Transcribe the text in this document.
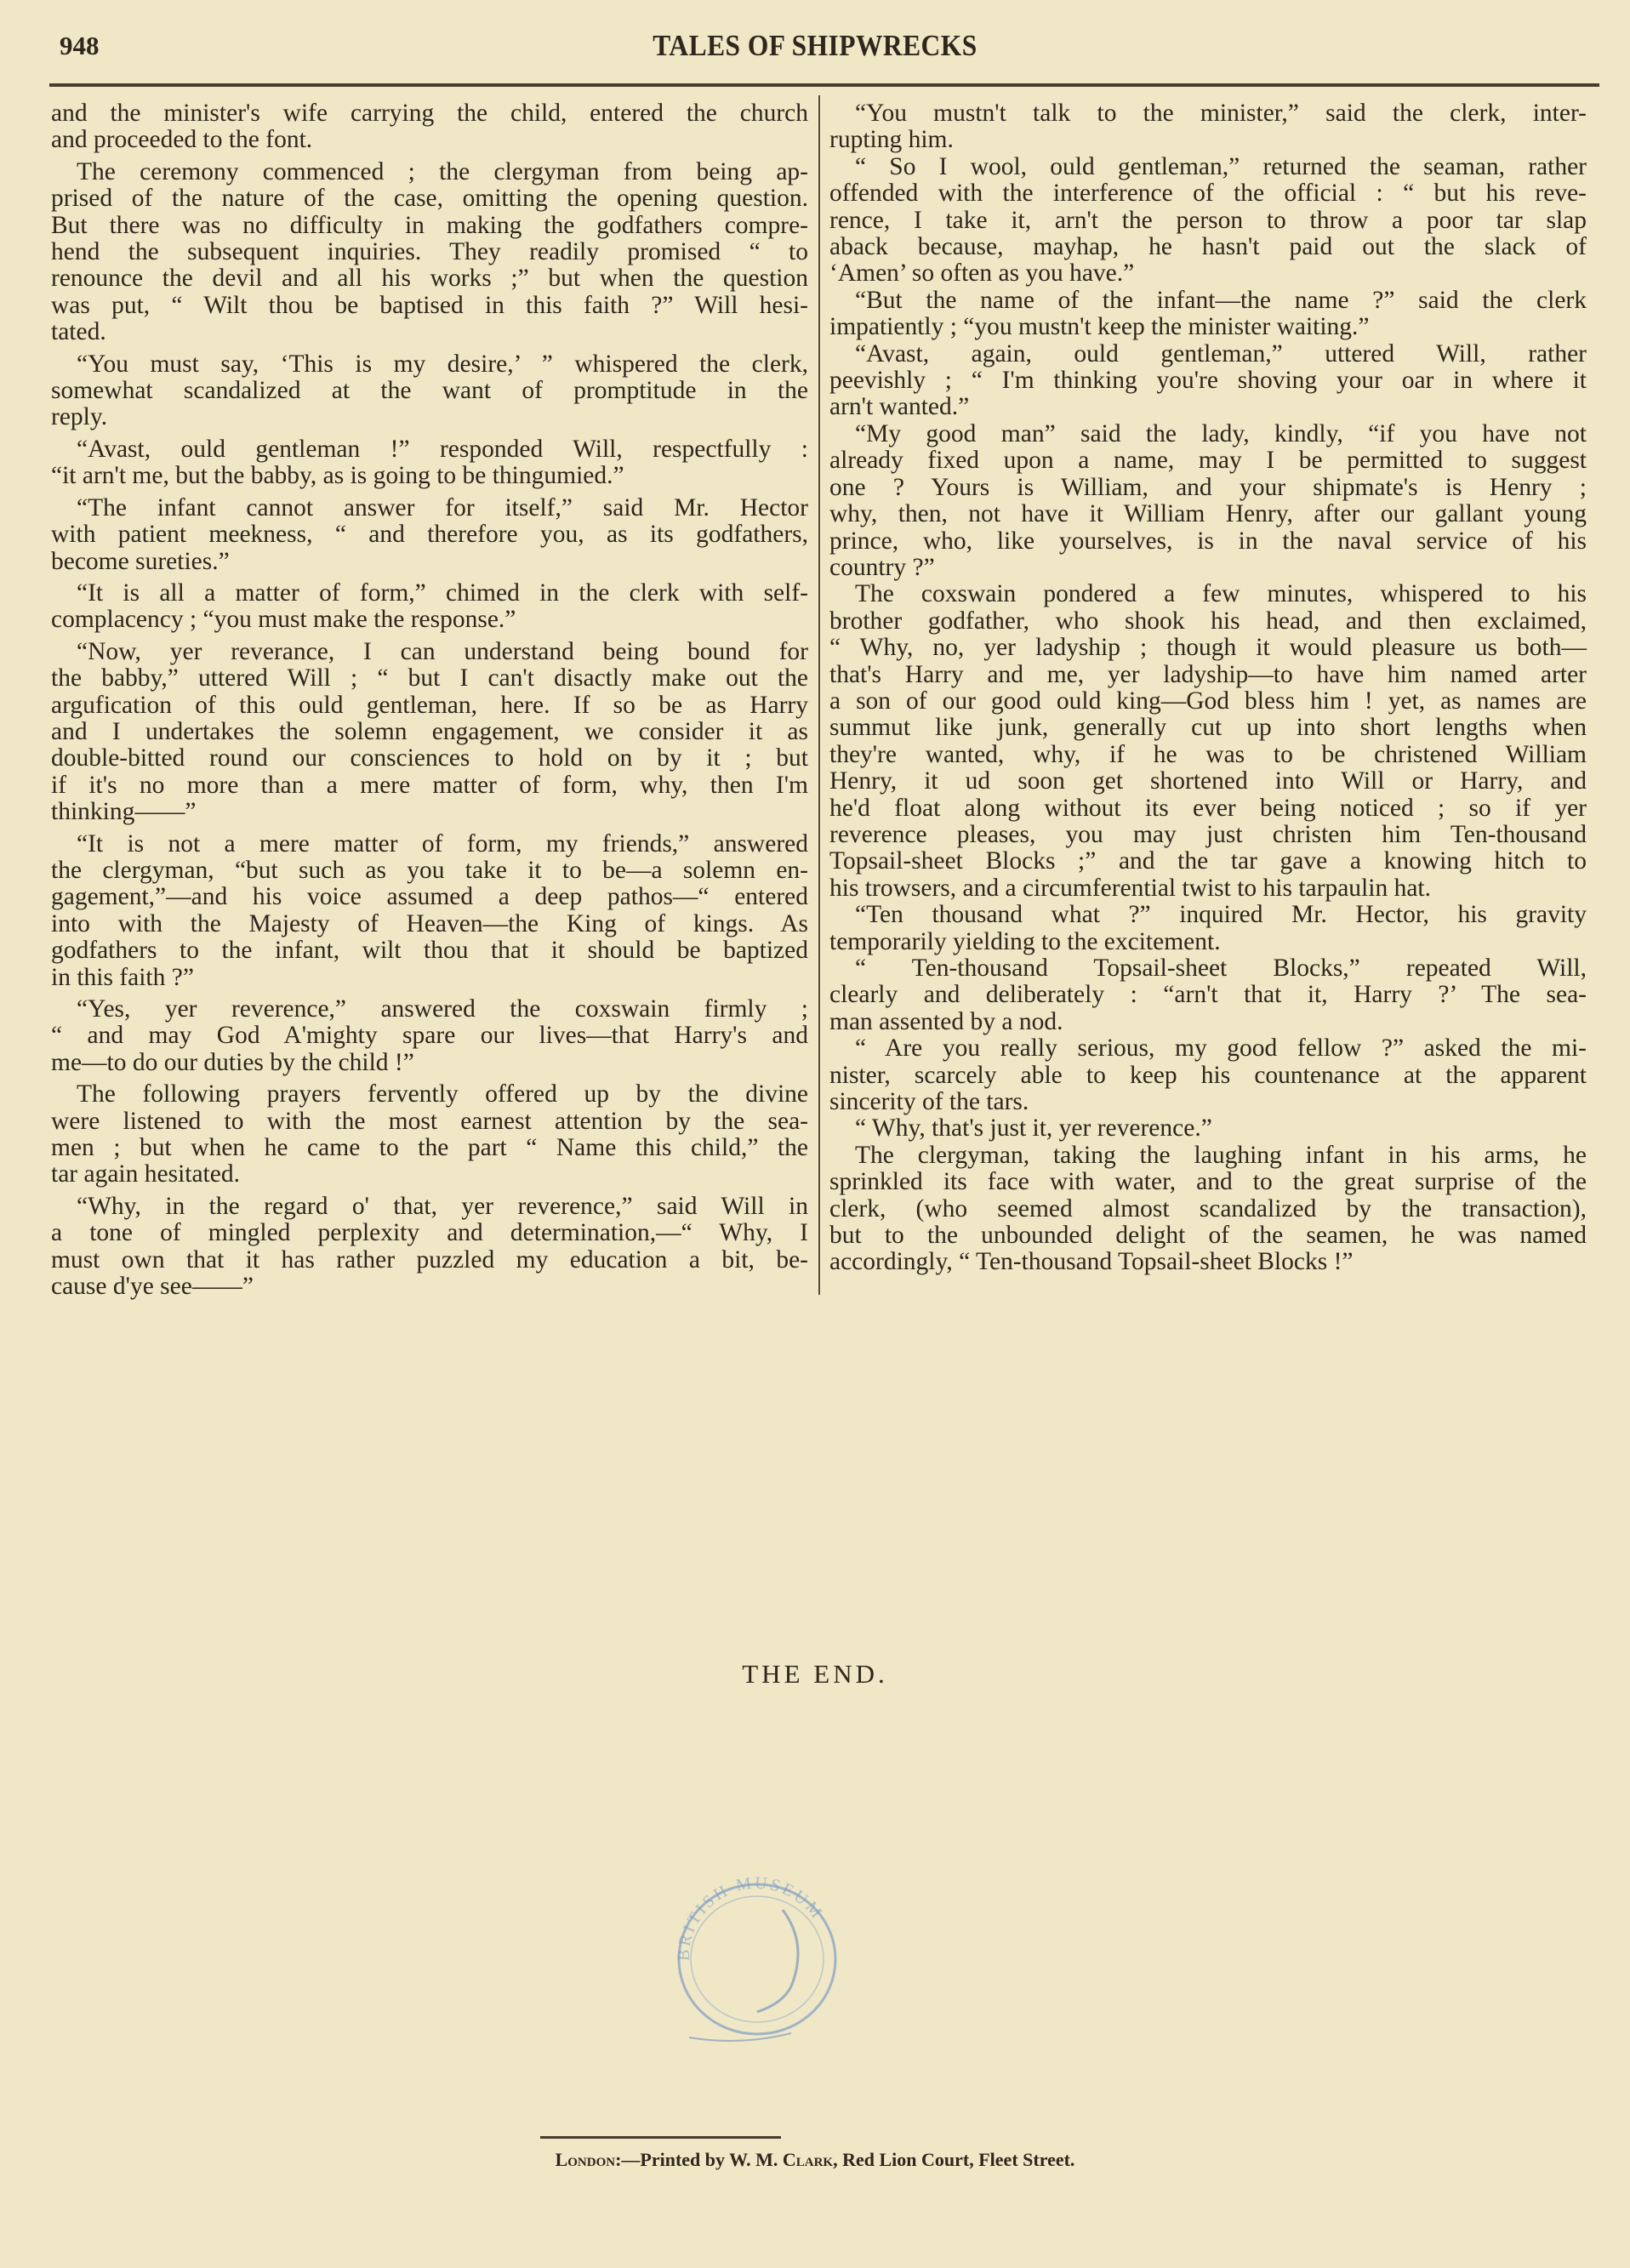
948	TALES OF SHIPWRECKS
and the minister's wife carrying the child, entered the church
and proceeded to the font.
The ceremony commenced ; the clergyman from being ap-
prised of the nature of the case, omitting the opening question.
But there was no difficulty in making the godfathers compre-
hend the subsequent inquiries. They readily promised “ to
renounce the devil and all his works ;” but when the question
was put, “ Wilt thou be baptised in this faith ?” Will hesi-
tated.
“You must say, ‘This is my desire,’ ” whispered the clerk,
somewhat scandalized at the want of promptitude in the
reply.
“Avast, ould gentleman !” responded Will, respectfully :
“it arn't me, but the babby, as is going to be thingumied.”
“The infant cannot answer for itself,” said Mr. Hector
with patient meekness, “ and therefore you, as its godfathers,
become sureties.”
“It is all a matter of form,” chimed in the clerk with self-
complacency ; “you must make the response.”
“Now, yer reverance, I can understand being bound for
the babby,” uttered Will ; “ but I can't disactly make out the
argufication of this ould gentleman, here. If so be as Harry
and I undertakes the solemn engagement, we consider it as
double-bitted round our consciences to hold on by it ; but
if it's no more than a mere matter of form, why, then I'm
thinking——”
“It is not a mere matter of form, my friends,” answered
the clergyman, “but such as you take it to be—a solemn en-
gagement,”—and his voice assumed a deep pathos—“ entered
into with the Majesty of Heaven—the King of kings. As
godfathers to the infant, wilt thou that it should be baptized
in this faith ?”
“Yes, yer reverence,” answered the coxswain firmly ;
“ and may God A'mighty spare our lives—that Harry's and
me—to do our duties by the child !”
The following prayers fervently offered up by the divine
were listened to with the most earnest attention by the sea-
men ; but when he came to the part “ Name this child,” the
tar again hesitated.
“Why, in the regard o' that, yer reverence,” said Will in
a tone of mingled perplexity and determination,—“ Why, I
must own that it has rather puzzled my education a bit, be-
cause d'ye see——”
“You mustn't talk to the minister,” said the clerk, inter-
rupting him.
“ So I wool, ould gentleman,” returned the seaman, rather
offended with the interference of the official : “ but his reve-
rence, I take it, arn't the person to throw a poor tar slap
aback because, mayhap, he hasn't paid out the slack of
‘Amen’ so often as you have.”
“But the name of the infant—the name ?” said the clerk
impatiently ; “you mustn't keep the minister waiting.”
“Avast, again, ould gentleman,” uttered Will, rather
peevishly ; “ I'm thinking you're shoving your oar in where it
arn't wanted.”
“My good man” said the lady, kindly, “if you have not
already fixed upon a name, may I be permitted to suggest
one ? Yours is William, and your shipmate's is Henry ;
why, then, not have it William Henry, after our gallant young
prince, who, like yourselves, is in the naval service of his
country ?”
The coxswain pondered a few minutes, whispered to his
brother godfather, who shook his head, and then exclaimed,
“ Why, no, yer ladyship ; though it would pleasure us both—
that's Harry and me, yer ladyship—to have him named arter
a son of our good ould king—God bless him ! yet, as names are
summut like junk, generally cut up into short lengths when
they're wanted, why, if he was to be christened William
Henry, it ud soon get shortened into Will or Harry, and
he'd float along without its ever being noticed ; so if yer
reverence pleases, you may just christen him Ten-thousand
Topsail-sheet Blocks ;” and the tar gave a knowing hitch to
his trowsers, and a circumferential twist to his tarpaulin hat.
“Ten thousand what ?” inquired Mr. Hector, his gravity
temporarily yielding to the excitement.
“ Ten-thousand Topsail-sheet Blocks,” repeated Will,
clearly and deliberately : “arn't that it, Harry ?’ The sea-
man assented by a nod.
“ Are you really serious, my good fellow ?” asked the mi-
nister, scarcely able to keep his countenance at the apparent
sincerity of the tars.
“ Why, that's just it, yer reverence.”
The clergyman, taking the laughing infant in his arms, he
sprinkled its face with water, and to the great surprise of the
clerk, (who seemed almost scandalized by the transaction),
but to the unbounded delight of the seamen, he was named
accordingly, “ Ten-thousand Topsail-sheet Blocks !”
THE END.
BRITISH MUSEUM
London:—Printed by W. M. Clark, Red Lion Court, Fleet Street.
